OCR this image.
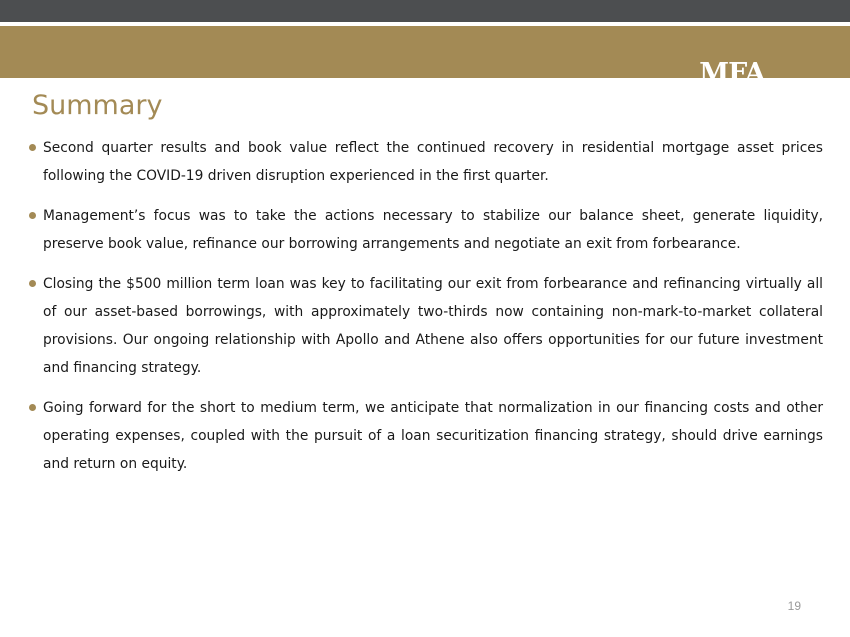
MFA
FINANCIAL, INC.
Summary
Second quarter results and book value reflect the continued recovery in residential mortgage asset prices following the COVID-19 driven disruption experienced in the first quarter.
Management’s focus was to take the actions necessary to stabilize our balance sheet, generate liquidity, preserve book value, refinance our borrowing arrangements and negotiate an exit from forbearance.
Closing the $500 million term loan was key to facilitating our exit from forbearance and refinancing virtually all of our asset-based borrowings, with approximately two-thirds now containing non-mark-to-market collateral provisions. Our ongoing relationship with Apollo and Athene also offers opportunities for our future investment and financing strategy.
Going forward for the short to medium term, we anticipate that normalization in our financing costs and other operating expenses, coupled with the pursuit of a loan securitization financing strategy, should drive earnings and return on equity.
19
